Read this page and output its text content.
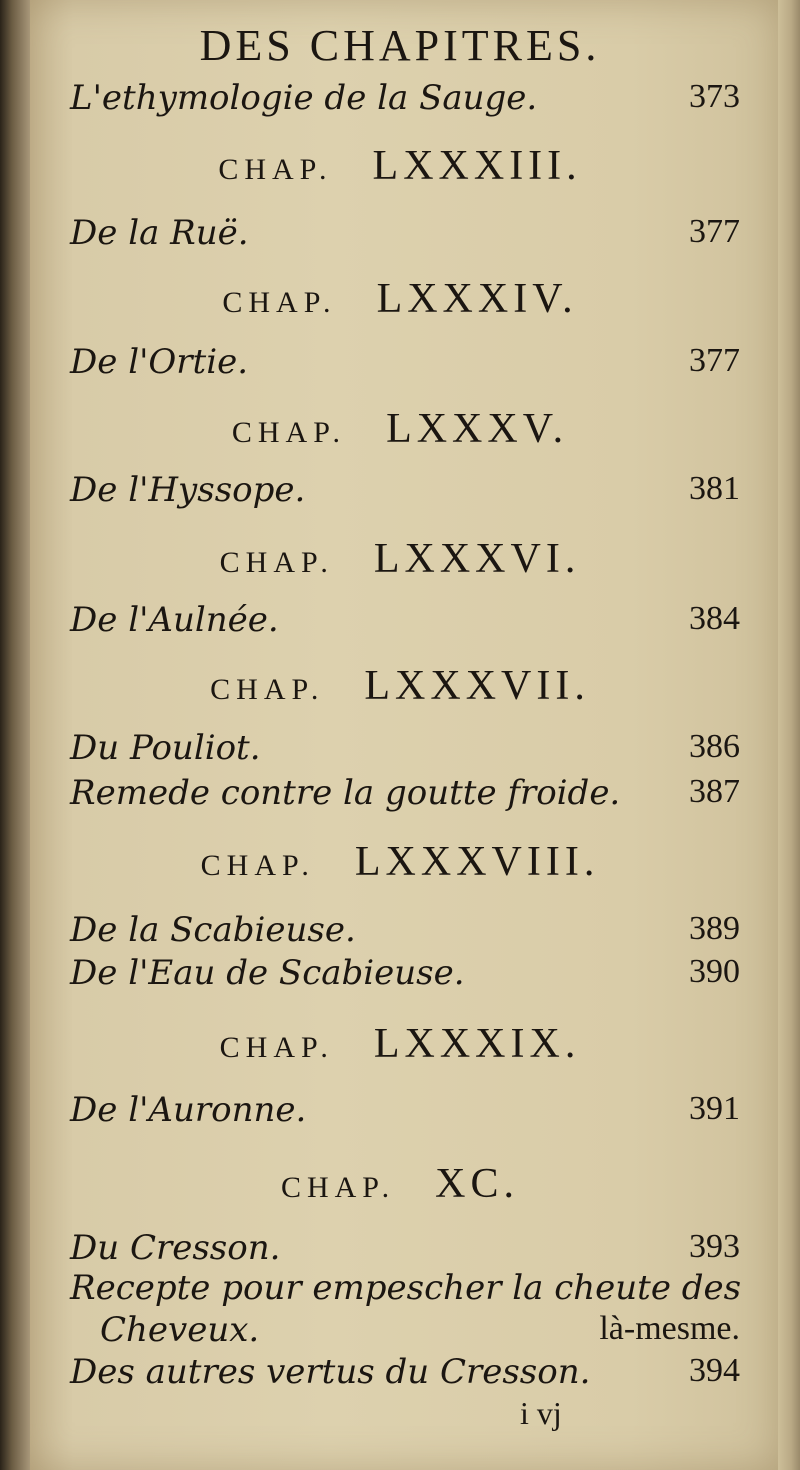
DES CHAPITRES.
L'ethymologie de la Sauge.	373
CHAP. LXXXIII.
De la Ruë.	377
CHAP. LXXXIV.
De l'Ortie.	377
CHAP. LXXXV.
De l'Hyssope.	381
CHAP. LXXXVI.
De l'Aulnée.	384
CHAP. LXXXVII.
Du Pouliot.	386
Remede contre la goutte froide. 387
CHAP. LXXXVIII.
De la Scabieuse.	389
De l'Eau de Scabieuse.	390
CHAP. LXXXIX.
De l'Auronne.	391
CHAP. XC.
Du Cresson.	393
Recepte pour empescher la cheute des
Cheveux.	là-mesme.
Des autres vertus du Cresson.	394
i vj
